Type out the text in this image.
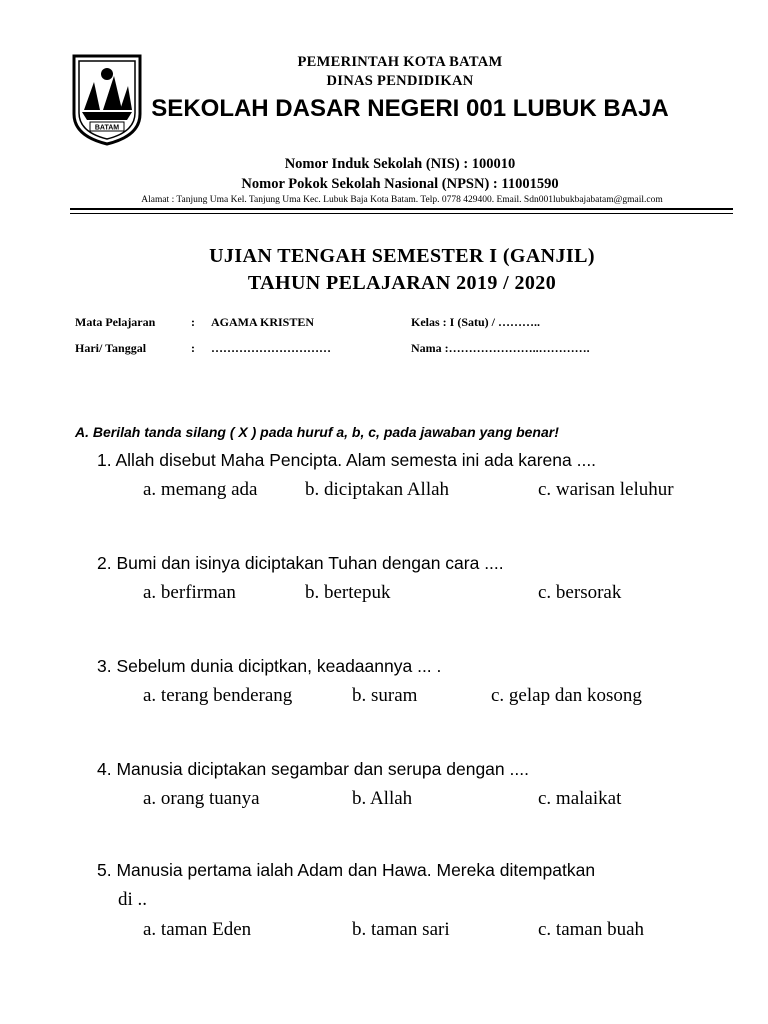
BATAM
PEMERINTAH KOTA BATAM
DINAS PENDIDIKAN
SEKOLAH DASAR NEGERI 001 LUBUK BAJA
Nomor Induk Sekolah (NIS) : 100010
Nomor Pokok Sekolah Nasional (NPSN) : 11001590
Alamat : Tanjung Uma Kel. Tanjung Uma Kec. Lubuk Baja Kota Batam. Telp. 0778 429400. Email. Sdn001lubukbajabatam@gmail.com
UJIAN TENGAH SEMESTER I (GANJIL)
TAHUN PELAJARAN 2019 / 2020
Mata Pelajaran	: AGAMA KRISTEN	Kelas : I (Satu) / ………..
Hari/ Tanggal	: …………………………	Nama :…………………..………….
A. Berilah tanda silang ( X ) pada huruf a, b, c, pada jawaban yang benar!
1. Allah disebut Maha Pencipta. Alam semesta ini ada karena ....
a. memang ada	b. diciptakan Allah	c. warisan leluhur
2. Bumi dan isinya diciptakan Tuhan dengan cara ....
a. berfirman	b. bertepuk	c. bersorak
3. Sebelum dunia diciptkan, keadaannya ... .
a. terang benderang	b. suram	c. gelap dan kosong
4. Manusia diciptakan segambar dan serupa dengan ....
a. orang tuanya	b. Allah	c. malaikat
5. Manusia pertama ialah Adam dan Hawa. Mereka ditempatkan
di ..
a. taman Eden	b. taman sari	c. taman buah
